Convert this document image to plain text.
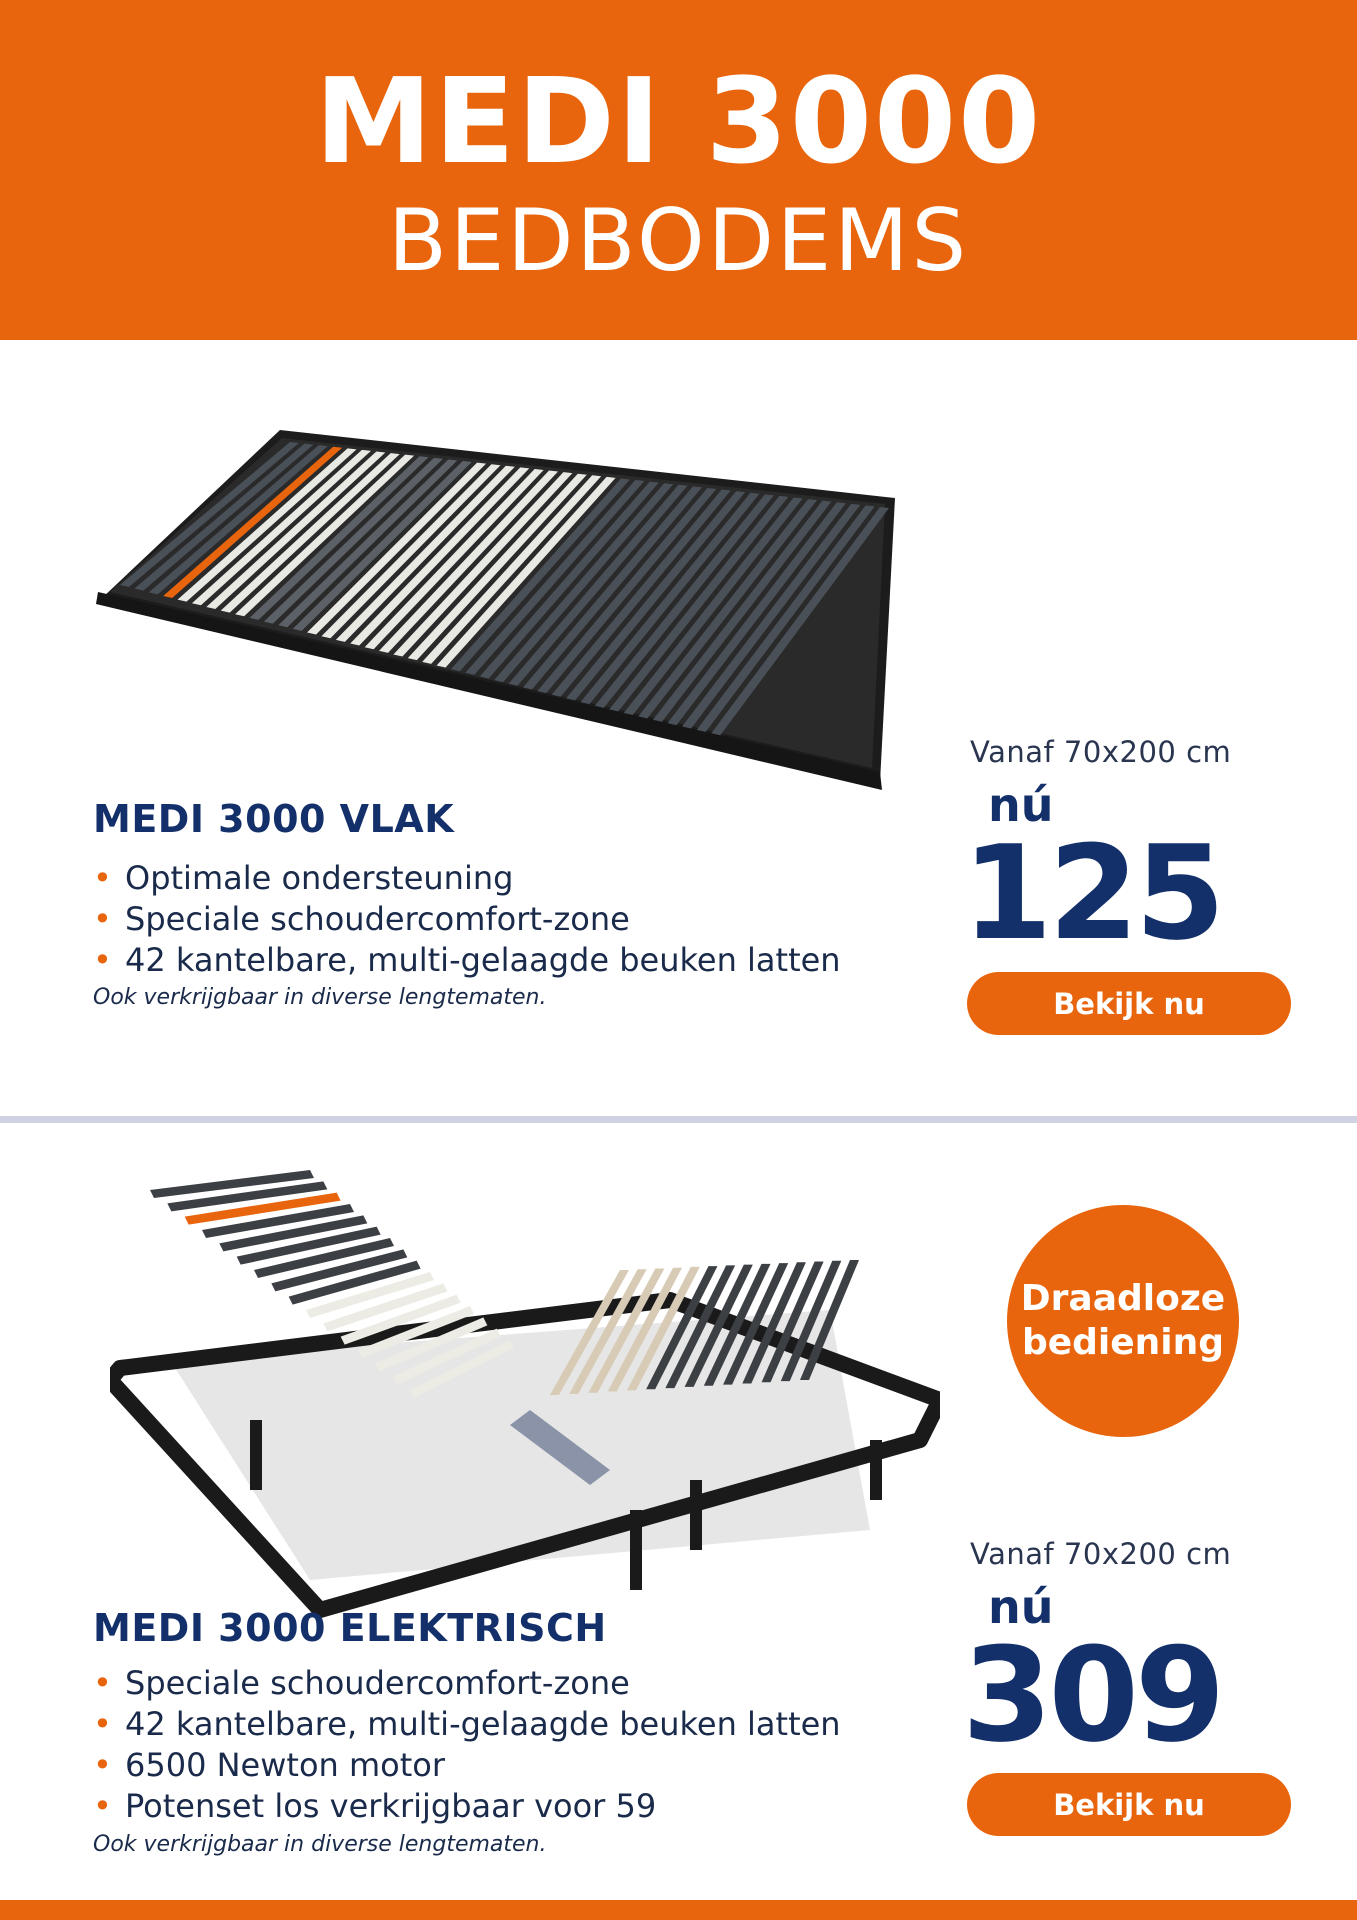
MEDI 3000
BEDBODEMS
MEDI 3000 VLAK
• Optimale ondersteuning
• Speciale schoudercomfort-zone
• 42 kantelbare, multi-gelaagde beuken latten
Ook verkrijgbaar in diverse lengtematen.
Vanaf 70x200 cm
nú
125
Bekijk nu
Draadloze
bediening
MEDI 3000 ELEKTRISCH
• Speciale schoudercomfort-zone
• 42 kantelbare, multi-gelaagde beuken latten
• 6500 Newton motor
• Potenset los verkrijgbaar voor 59
Ook verkrijgbaar in diverse lengtematen.
Vanaf 70x200 cm
nú
309
Bekijk nu
